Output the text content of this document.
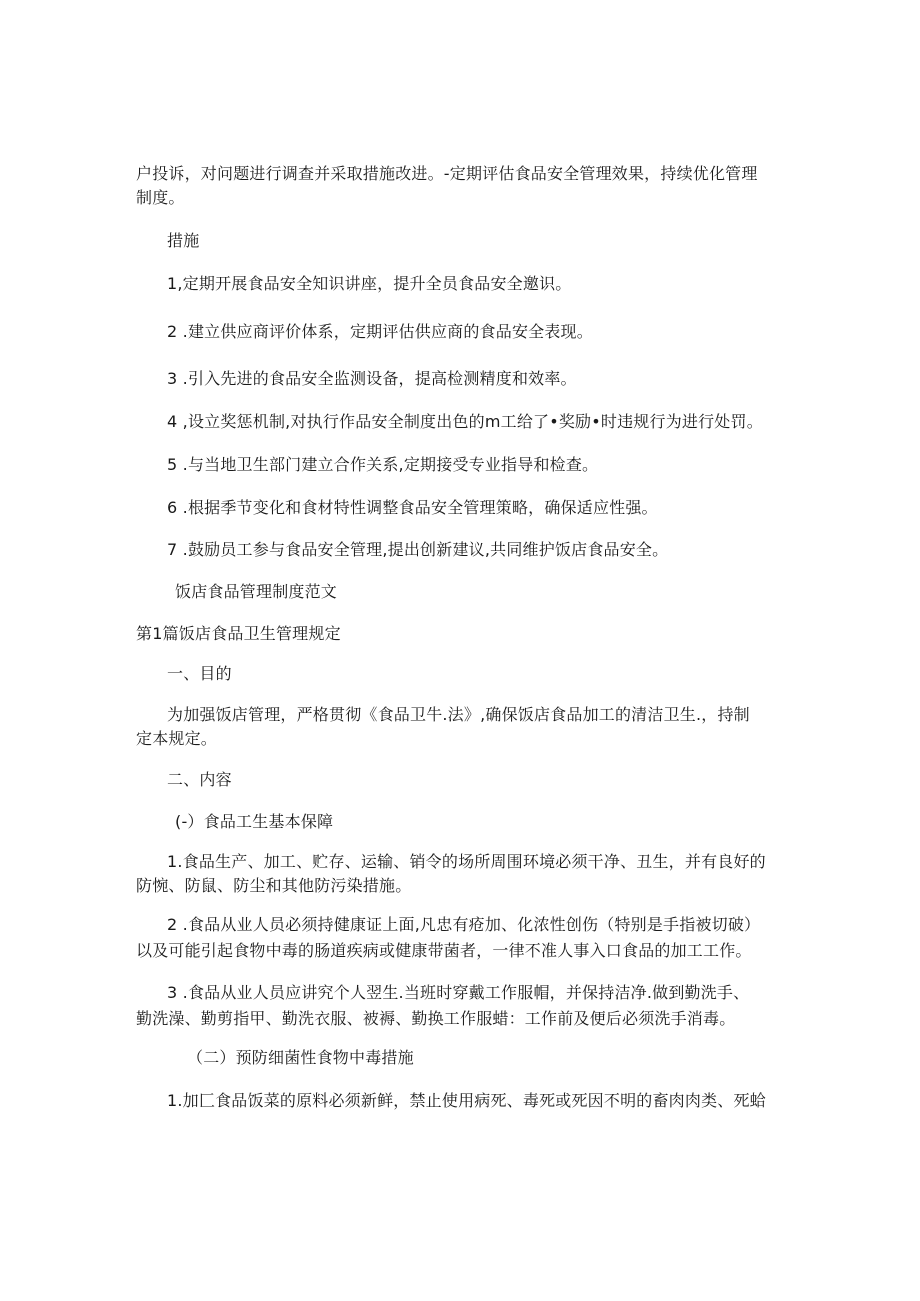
户投诉，对问题进行调查并采取措施改进。-定期评估食品安全管理效果，持续优化管理
制度。
措施
1,定期开展食品安全知识讲座，提升全员食品安全邀识。
2 .建立供应商评价体系，定期评估供应商的食品安全表现。
3 .引入先进的食品安全监测设备，提高检测精度和效率。
4 ,设立奖惩机制,对执行作品安全制度出色的m工给了•奖励•时违规行为进行处罚。
5 .与当地卫生部门建立合作关系,定期接受专业指导和检查。
6 .根据季节变化和食材特性调整食品安全管理策略，确保适应性强。
7 .鼓励员工参与食品安全管理,提出创新建议,共同维护饭店食品安全。
饭店食品管理制度范文
第1篇饭店食品卫生管理规定
一、目的
为加强饭店管理，严格贯彻《食品卫牛.法》,确保饭店食品加工的清洁卫生.，持制
定本规定。
二、内容
(-）食品工生基本保障
1.食品生产、加工、贮存、运输、销令的场所周围环境必须干净、丑生，并有良好的
防惋、防鼠、防尘和其他防污染措施。
2 .食品从业人员必须持健康证上面,凡忠有疮加、化浓性创伤（特别是手指被切破）
以及可能引起食物中毒的肠道疾病或健康带菌者，一律不准人事入口食品的加工工作。
3 .食品从业人员应讲究个人翌生.当班时穿戴工作服帽，并保持洁净.做到勤洗手、
勤洗澡、勤剪指甲、勤洗衣服、被褥、勤换工作服蜡：工作前及便后必须洗手消毒。
（二）预防细菌性食物中毒措施
1.加匚食品饭菜的原料必须新鲜，禁止使用病死、毒死或死因不明的畜肉肉类、死蛤
